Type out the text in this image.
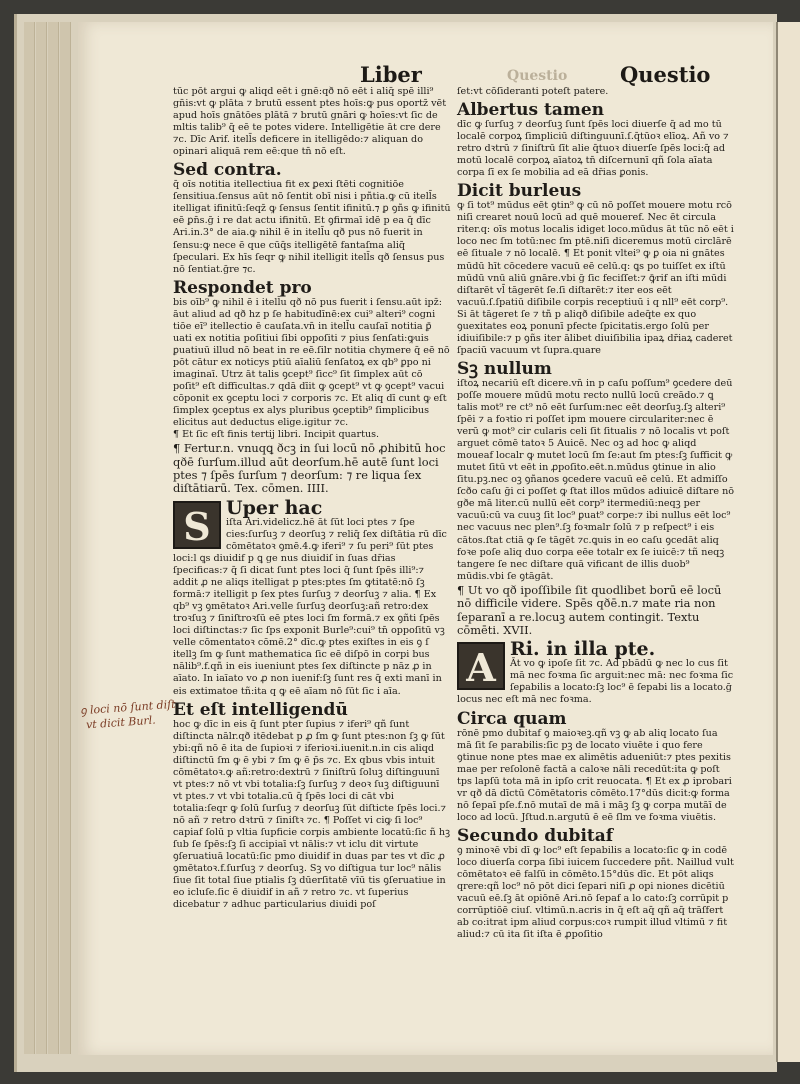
Liber	Questio	Questio

tūc pōt argui ꝙ aliqd eēt i gnē:qð nō eēt i aliq̄ spē illi⁹ gn̄is:vt ꝙ plāta ⁊ brutū essent ptes hoīs:ꝙ pus oportz̄ vēt apud hoīs gnātōes plātā ⁊ brutū gnāri ꝙ hoīes:vt ſic de mltis talib⁹ q̄ eē te potes videre. Intelligētie āt cre dere ⁊c. Dīc Arif. itell̄s deficere in itelligēdo:⁊ aliquan do opinari aliquā rem eē:que tn̄ nō eſt.

Sed contra.
q̄ oīs notitia itellectiua fit ex ꝑexi ſtēti cognitiōe ſensitiua.ſensus aūt nō ſentit obī nisi i pñtia.ꝙ cū itell̄s itelligat ifinitū:ſeqz̄ ꝙ ſensus ſentit ifinitū.⁊ ꝑ ꝯñs ꝙ ifinitū eē ꝑn̄s.ḡ i re dat actu ifinitū. Et ꝯfirmaī idē p ea q̄ dīc Ari.in.3° de aia.ꝙ nihil ē in itell̄u qð pus nō fuerit in ſensu:ꝙ nece ē que cūq̄s itelligētē fantaſma aliq̄ ſpeculari. Ex hīs ſeqr ꝙ nihil itelligit itell̄s qð ſensus pus nō ſentiat.ḡre ⁊c.

Respondet pro
bis oīb⁹ ꝙ nihil ē i itell̄u qð nō pus fuerit i ſensu.aūt ipz̄: āut aliud ad qð hz p ſe habitudīnē:ex cui⁹ alteri⁹ cogni tiōe eī⁹ itellectio ē cauſata.vn̄ in itell̄u cauſaī notitia ꝑ̄ uati ex notitia poſitiui ſibi oppoſiti ⁊ pius ſenſati:ꝙuis ꝑuatiuū illud nō beat in re eē.ſilr notitia chymere q̄ eē nō pōt cātur ex noticys ptiū aīaliū ſenſatoꝝ ex qb⁹ ꝑpo ni imaginaī. Utrz āt talis ꝯcept⁹ ſicc⁹ ſit ſimplex aūt cō poſit⁹ eſt difficultas.⁊ qdā dīit ꝙ ꝯcept⁹ vt ꝙ ꝯcept⁹ vacui cōponit ex ꝯceptu loci ⁊ corporis ⁊c. Et aliq dī cunt ꝙ eſt ſimplex ꝯceptus ex alys pluribus ꝯceptib⁹ ſimplicibus elicitus aut deductus elige.igitur ⁊c.

¶ Et ſic eſt finis tertij libri. Incipit quartus.

¶ Fertur.n. vnuqꝗ ðcꝫ in ſui locū nō ꝓhibitū hoc qðē ſurſum.illud aūt deorſum.hē autē ſunt loci ptes ⁊ ſpēs ſurſum ⁊ deorſum: ⁊ re liqua ſex diſtātiarū. Tex. cōmen. IIII.

S Uper hac
iſta Ari.videlicz.hē āt ſūt loci ptes ⁊ ſpe cies:ſurſuꝫ ⁊ deorſuꝫ ⁊ reliq̄ ſex diſtātia rū dīc cōmētatoꝛ ꝯmē.4.ꝙ iferi⁹ ⁊ ſu peri⁹ ſūt ptes loci:l ꝗs diuidif p ꝗ ge nus diuidiſ in ſuas dr̄ias ſpecificas:⁊ q̄ ſi dicat ſunt ptes loci q̄ ſunt ſpēs illi⁹:⁊ addit ꝓ ne aliqs itelligat p ptes:ptes ſm ꝙtitatē:nō ſꝫ formā:⁊ itelligit p ſex ptes ſurſuꝫ ⁊ deorſuꝫ ⁊ alia. ¶ Ex qb⁹ vꝫ ꝯmētatoꝛ Ari.velle ſurſuꝫ deorſuꝫ:añ retro:dex troꝛſuꝫ ⁊ ſiniſtroꝛſū eē ptes loci ſm formā.⁊ ex ꝯñti ſpēs loci diſtinctas:⁊ ſic ſps exponit Burle⁹:cui⁹ tn̄ oppoſitū vꝫ velle cōmentatoꝛ cōmē.2° dīc.ꝙ ptes exiſtes in eis ꝯ ſ itellꝫ ſm ꝙ ſunt mathematica ſic eē diſpō in corpi bus nālib⁹.f.qñ in eis iueniunt ptes ſex diſtincte p nāz ꝓ in aīato. In iaīato vo ꝓ non iuenif:ſꝫ ſunt res q̄ exti manī in eis extimatoe tñ:ita q ꝙ eē aīam nō ſūt ſic i aīa.

Et eſt intelligendū
hoc ꝙ dīc in eis q̄ ſunt pter ſupius ⁊ iferi⁹ qñ ſunt diſtincta nālr.qð itēdebat p ꝓ ſm ꝙ ſunt ptes:non ſꝫ ꝙ ſūt ybi:qñ nō ē ita de ſupioꝛi ⁊ iferioꝛi.iuenit.n.in cis aliqd diſtinctū ſm ꝙ ē ybi ⁊ ſm ꝙ ē p̄s ⁊c. Ex qbus vbis intuit cōmētatoꝛ.ꝙ añ:retro:dextrū ⁊ ſiniſtrū ſoluꝫ diſtinguunī vt ptes:⁊ nō vt vbi totalia:ſꝫ ſurſuꝫ ⁊ deoꝛ ſuꝫ diſtiguunī vt ptes.⁊ vt vbi totalia.cū q̄ ſpēs loci di cāt vbi totalia:ſeqr ꝙ ſolū ſurſuꝫ ⁊ deorſuꝫ ſūt diſticte ſpēs loci.⁊ nō añ ⁊ retro dꝛtrū ⁊ ſiniſtꝛ ⁊c. ¶ Poſſet vi ciꝙ ſi loc⁹ capiaf ſolū p vltia ſupficie corpis ambiente locatū:ſic ñ hꝫ ſub ſe ſpēs:ſꝫ ſi accipiaī vt nālis:⁊ vt iclu dit virtute ꝯſeruatiuā locatū:ſic pmo diuidif in duas par tes vt dīc ꝓ ꝯmētatoꝛ.f.ſurſuꝫ ⁊ deorſuꝫ. Sꝫ vo diſtigua tur loc⁹ nālis ſiue ſit total ſiue ptialis ſꝫ dūerſitatē vīū tis ꝯſeruatiue in eo icluſe.ſic ē diuidif in añ ⁊ retro ⁊c. vt ſuperius dicebatur ⁊ adhuc particularius diuidi poſ

ſet:vt cōſideranti poteſt patere.

Albertus tamen
dīc ꝙ ſurſuꝫ ⁊ deorſuꝫ ſunt ſpēs loci diuerſe q̄ ad mo tū localē corpoꝝ ſimpliciū diſtinguunī.ſ.q̄tūoꝛ elīoꝝ. Añ vo ⁊ retro dꝛtrū ⁊ ſiniſtrū ſīt alie q̄tuoꝛ diuerſe ſpēs loci:q̄ ad motū localē corpoꝝ aīatoꝝ tn̄ diſcernunī qñ ſola aīata corpa ſī ex ſe mobilia ad eā dr̄ias ꝑonis.

Dicit burleus
ꝙ ſi tot⁹ mūdus eēt ꝯtin⁹ ꝙ cū nō poſſet mouere motu rcō niſi crearet nouū locū ad quē moueref. Nec ēt circula riter.q: oīs motus localis idiget loco.mūdus āt tūc nō eēt i loco nec ſm totū:nec ſm ptē.niſi diceremus motū circlārē eē ſituale ⁊ nō localē. ¶ Et ponit vltei⁹ ꝙ ꝑ oia ni gnātes mūdū hīt cōcedere vacuū eē celū.q: ꝗs po tuiſſet ex iſtū mūdū vnū aliū gnāre.vbi ḡ ſic feciſſet:⁊ ꝙ̄rif an iſti mūdi diſtarēt vl̄ tāgerēt ſe.ſi diſtarēt:⁊ iter eos eēt vacuū.ſ.ſpatiū diſibile corpis receptiuū i q nll⁹ eēt corp⁹. Si āt tāgeret ſe ⁊ tñ p aliqð diſibile adeq̄te ex quo ꝯuexitates eoꝝ ponunī pfecte ſpicitatis.ergo ſolū per idiuiſibile:⁊ p ꝯñs iter ālibet diuiſibilia ipaꝝ dr̄iaꝝ caderet ſpaciū vacuum vt ſupra.quare

Sꝫ nullum
iſtoꝝ necariū eſt dicere.vn̄ in p caſu poſſum⁹ ꝯcedere deū poſſe mouere mūdū motu recto nullū locū creādo.⁊ ꝗ talis mot⁹ re ct⁹ nō eēt ſurſum:nec eēt deorſuꝫ.ſꝫ alteri⁹ ſpēi ⁊ a foꝛtio ri poſſet ipm mouere circulariter:nec ē verū ꝙ mot⁹ cir cularis celi ſit ſitualis ⁊ nō localis vt poſt arguet cōmē tatoꝛ 5 Auicē. Nec oꝫ ad hoc ꝙ aliqd moueaf localr ꝙ mutet locū ſm ſe:aut ſm ptes:ſꝫ ſufficit ꝙ mutet ſitū vt eēt in ꝓpoſito.eēt.n.mūdus ꝯtinue in alio ſitu.pꝫ.nec oꝫ ꝯñanos ꝯcedere vacuū eē celū. Et admiſſo ſcðo caſu ḡi ci poſſet ꝙ ſtat illos mūdos adiuicē diſtare nō gðe mā liter.cū nullū eēt corp⁹ itermediū:neqꝫ per vacuū:cū va cuuꝫ ſit loc⁹ ꝑuat⁹ corpe:⁊ ibi nullus eēt loc⁹ nec vacuus nec plen⁹.ſꝫ foꝛmalr ſolū ⁊ p reſpect⁹ i eis cātos.ſtat ctiā ꝙ ſe tāgēt ⁊c.ꝗuis in eo caſu ꝯcedāt aliq foꝛe poſe aliq duo corpa eēe totalr ex ſe iuicē:⁊ tñ neqꝫ tangere ſe nec diſtare quā vificant de illis duob⁹ mūdis.vbi ſe ꝯtāgāt.

¶ Ut vo qð ipoſſibile ſit quodlibet borū eē locū nō difficile videre. Spēs qðē.n.⁊ mate ria non ſeparanī a re.locuꝫ autem contingit. Textu cōmēti. XVII.

A Ri. in illa pte.
Āt vo ꝙ ipoſe ſit ⁊c. Ad pbādū ꝙ nec lo cus ſit mā nec foꝛma ſic arguit:nec mā: nec foꝛma ſic ſeꝑabilis a locato:ſꝫ loc⁹ ē ſepabi lis a locato.ḡ locus nec eſt mā nec foꝛma.

Circa quam
rōnē pmo dubitaf ꝯ maioꝛeꝫ.qñ vꝫ ꝙ ab aliq locato ſua mā ſit ſe parabilis:ſic pꝫ de locato viuēte i quo fere ꝯtinue none ptes mae ex alimētis adueniūt:⁊ ptes pexitis mae per reſolonē factā a caloꝛe nāli recedūt:ita ꝙ poſt tps lapſū tota mā in ipſo crit reuocata. ¶ Et ex ꝓ iprobari vr qð dā dīctū Cōmētatoris cōmēto.17°dūs dicit:ꝙ forma nō ſepaī pſe.f.nō mutaī de mā i māꝫ ſꝫ ꝙ corpa mutāī de loco ad locū. Jſtud.n.argutū ē eē ſlm ve foꝛma viuētis.

Secundo dubitaf
ꝯ minoꝛē vbi dī ꝙ loc⁹ eſt ſepabilis a locato:ſic ꝙ in codē loco diuerſa corpa ſibi iuicem ſuccedere pñt. Naillud vult cōmētatoꝛ eē falſū in cōmēto.15°dūs dīc. Et pōt aliqs qrere:qñ loc⁹ nō pōt dici ſepari niſi ꝓ opi niones dicētiū vacuū eē.ſꝫ āt opiōnē Ari.nō ſepaf a lo cato:ſꝫ corrūpit p corrūptiōē ciuſ. vltimū.n.acris in q̄ eſt aq̄ qñ aq̄ trāſfert ab co:itrat ipm aliud corpus:coꝛ rumpit illud vltimū ⁊ fit aliud:⁊ cū ita ſit iſta ē ꝓpoſitio

ꝯ loci nō ſunt diſt
vt dicit Burl.
